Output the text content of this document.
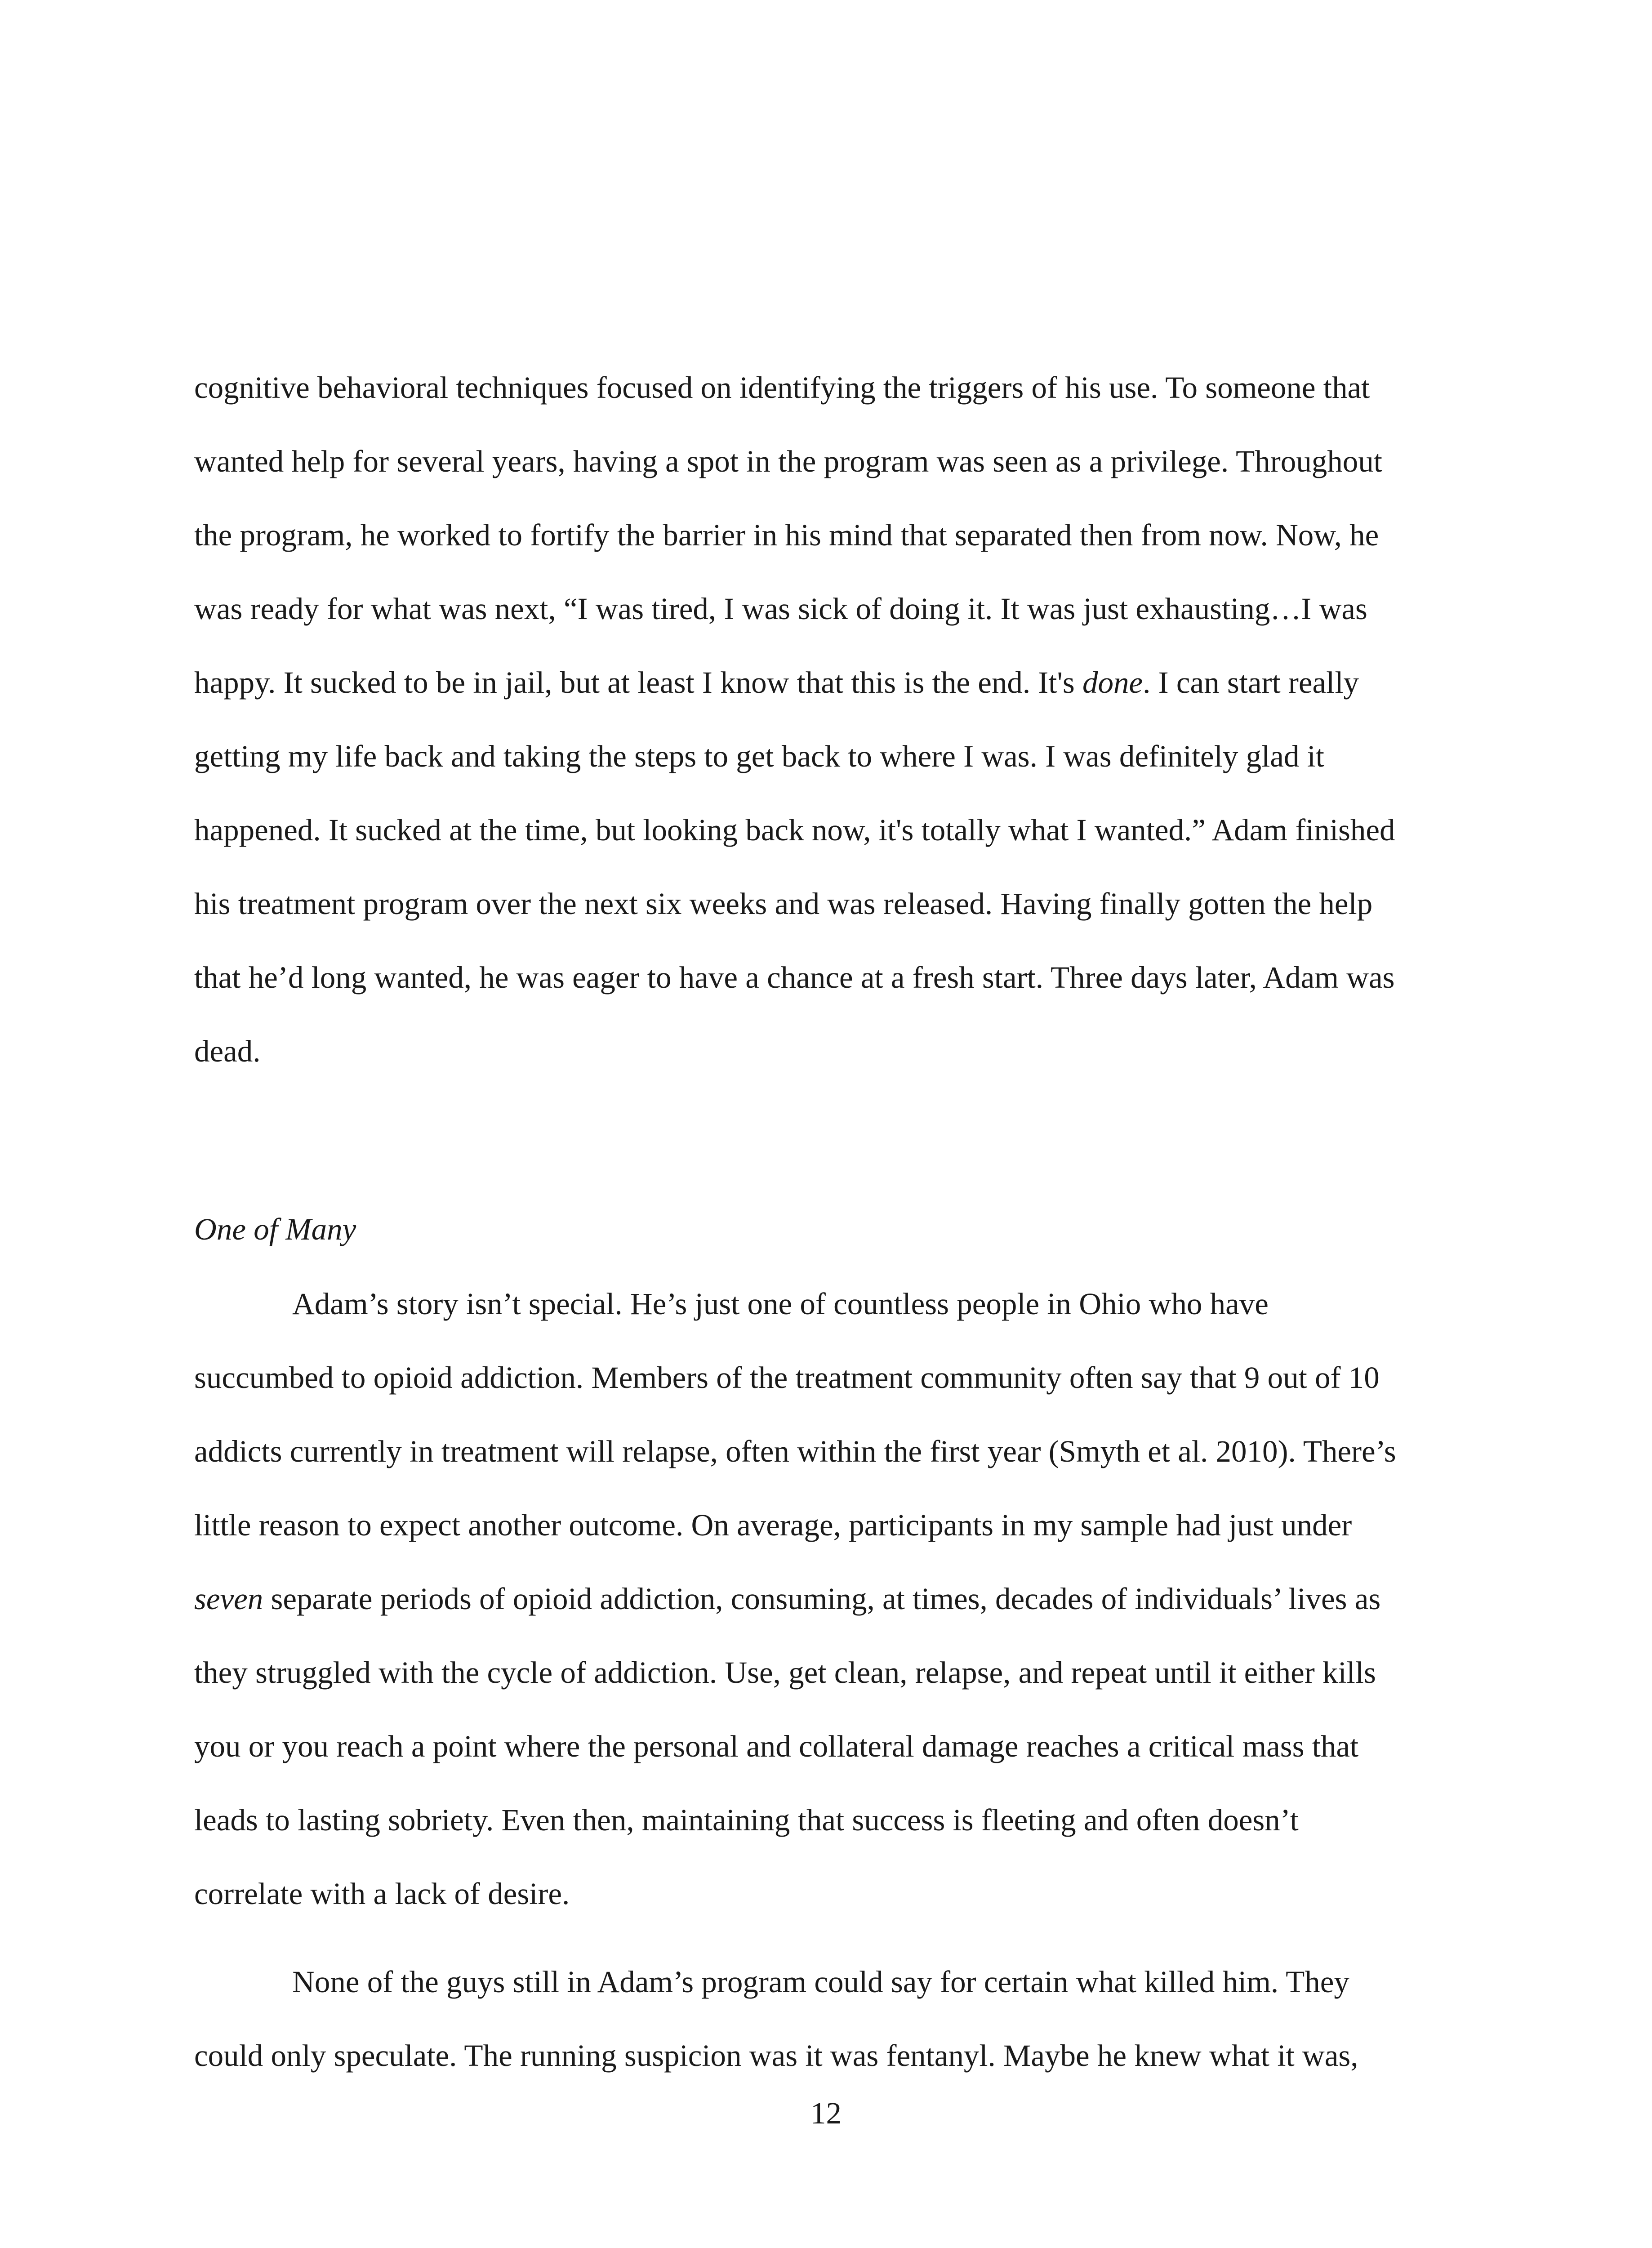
cognitive behavioral techniques focused on identifying the triggers of his use. To someone that
wanted help for several years, having a spot in the program was seen as a privilege. Throughout
the program, he worked to fortify the barrier in his mind that separated then from now. Now, he
was ready for what was next, “I was tired, I was sick of doing it. It was just exhausting…I was
happy. It sucked to be in jail, but at least I know that this is the end. It's done. I can start really
getting my life back and taking the steps to get back to where I was. I was definitely glad it
happened. It sucked at the time, but looking back now, it's totally what I wanted.” Adam finished
his treatment program over the next six weeks and was released. Having finally gotten the help
that he’d long wanted, he was eager to have a chance at a fresh start. Three days later, Adam was
dead.
One of Many
Adam’s story isn’t special. He’s just one of countless people in Ohio who have
succumbed to opioid addiction. Members of the treatment community often say that 9 out of 10
addicts currently in treatment will relapse, often within the first year (Smyth et al. 2010). There’s
little reason to expect another outcome. On average, participants in my sample had just under
seven separate periods of opioid addiction, consuming, at times, decades of individuals’ lives as
they struggled with the cycle of addiction. Use, get clean, relapse, and repeat until it either kills
you or you reach a point where the personal and collateral damage reaches a critical mass that
leads to lasting sobriety. Even then, maintaining that success is fleeting and often doesn’t
correlate with a lack of desire.
None of the guys still in Adam’s program could say for certain what killed him. They
could only speculate. The running suspicion was it was fentanyl. Maybe he knew what it was,
12
